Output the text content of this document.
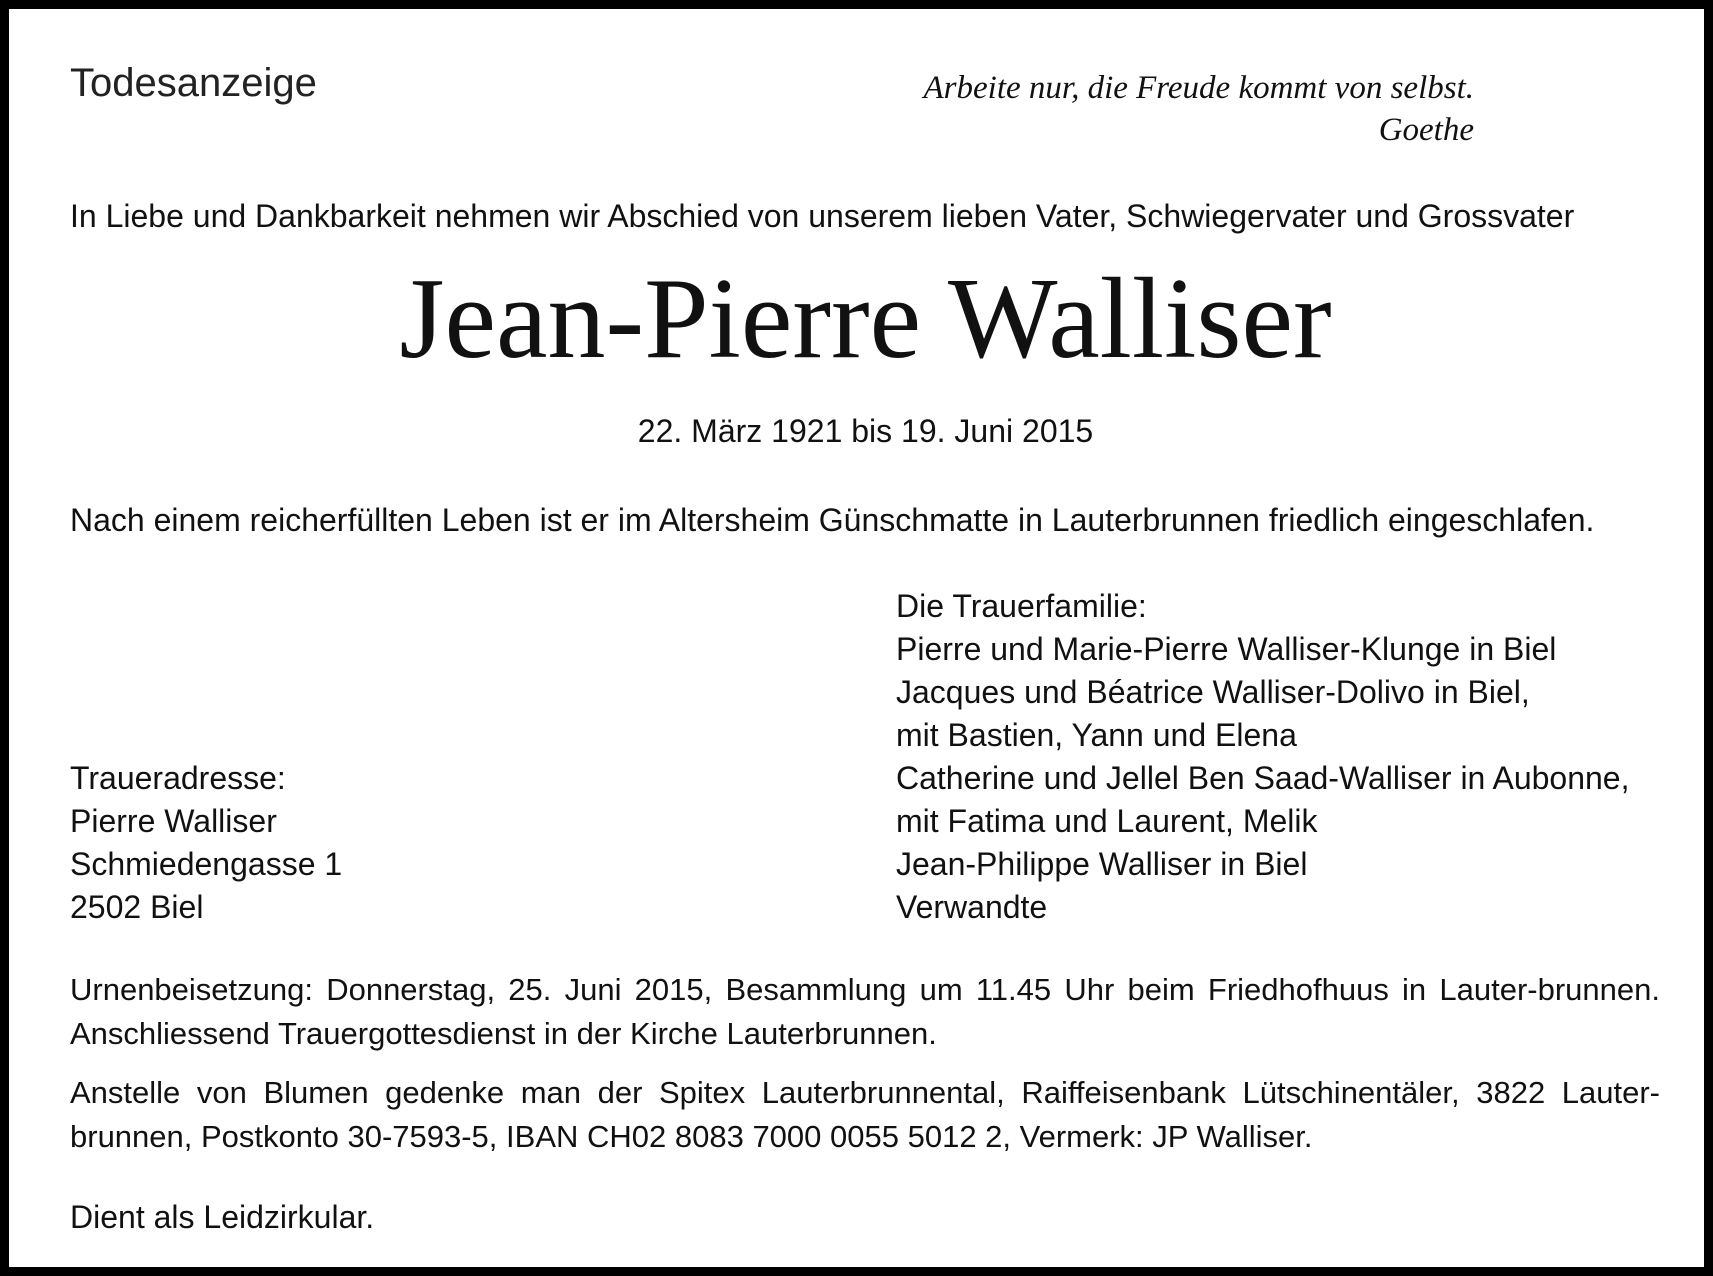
Todesanzeige	Arbeite nur, die Freude kommt von selbst.
Goethe
In Liebe und Dankbarkeit nehmen wir Abschied von unserem lieben Vater, Schwiegervater und Grossvater
Jean-Pierre Walliser
22. März 1921 bis 19. Juni 2015
Nach einem reicherfüllten Leben ist er im Altersheim Günschmatte in Lauterbrunnen friedlich eingeschlafen.
Die Trauerfamilie:
Pierre und Marie-Pierre Walliser-Klunge in Biel
Jacques und Béatrice Walliser-Dolivo in Biel,
mit Bastien, Yann und Elena
Catherine und Jellel Ben Saad-Walliser in Aubonne,
mit Fatima und Laurent, Melik
Jean-Philippe Walliser in Biel
Verwandte
Traueradresse:
Pierre Walliser
Schmiedengasse 1
2502 Biel
Urnenbeisetzung: Donnerstag, 25. Juni 2015, Besammlung um 11.45 Uhr beim Friedhofhuus in Lauter-brunnen. Anschliessend Trauergottesdienst in der Kirche Lauterbrunnen.
Anstelle von Blumen gedenke man der Spitex Lauterbrunnental, Raiffeisenbank Lütschinentäler, 3822 Lauter-brunnen, Postkonto 30-7593-5, IBAN CH02 8083 7000 0055 5012 2, Vermerk: JP Walliser.
Dient als Leidzirkular.
